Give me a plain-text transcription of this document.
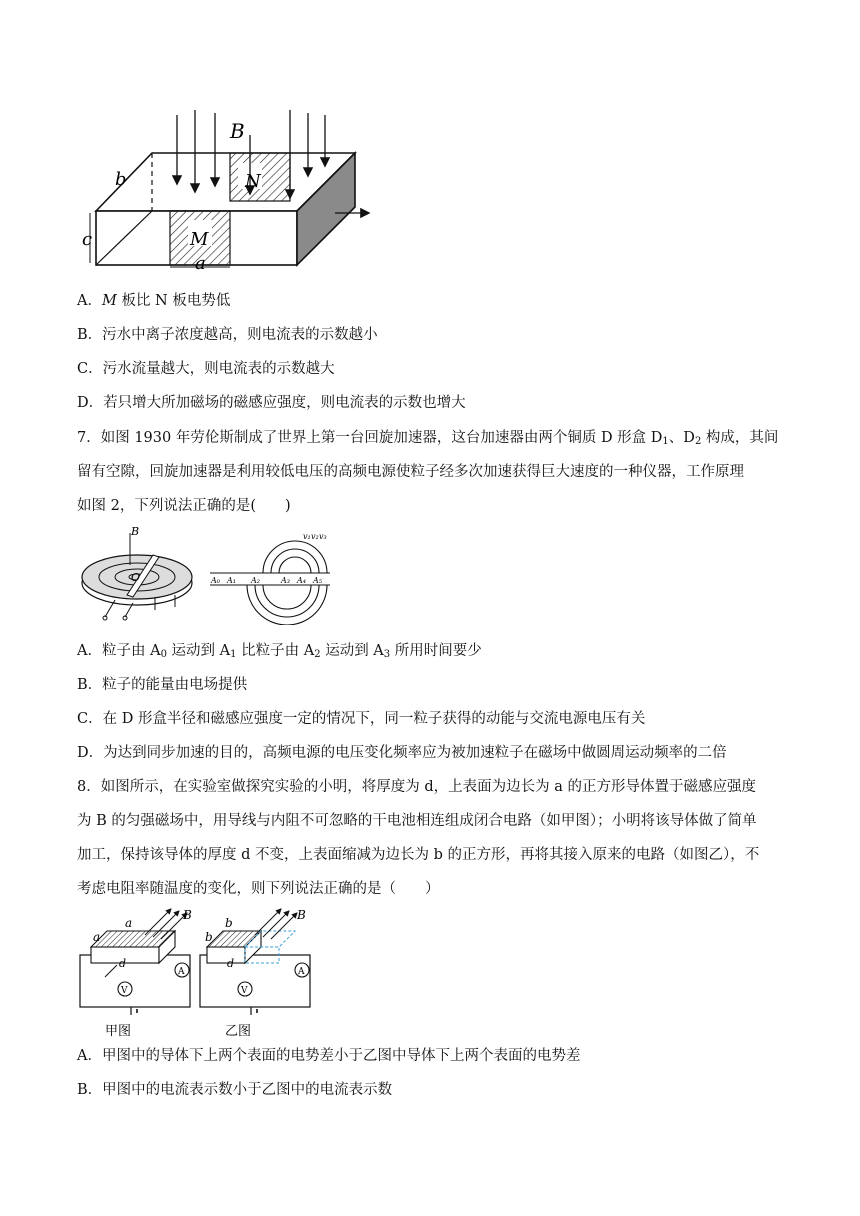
B
N
M
a
b
c
A．M 板比 N 板电势低
B．污水中离子浓度越高，则电流表的示数越小
C．污水流量越大，则电流表的示数越大
D．若只增大所加磁场的磁感应强度，则电流表的示数也增大
7．如图 1930 年劳伦斯制成了世界上第一台回旋加速器，这台加速器由两个铜质 D 形盒 $D_1$、$D_2$ 构成，其间
留有空隙，回旋加速器是利用较低电压的高频电源使粒子经多次加速获得巨大速度的一种仪器，工作原理
如图 2，下列说法正确的是(　　)
B
O
v₁ v₂ v₃
A₀ A₁ A₂	A₃ A₄ A₅
A．粒子由 $A_0$ 运动到 $A_1$ 比粒子由 $A_2$ 运动到 $A_3$ 所用时间要少
B．粒子的能量由电场提供
C．在 D 形盒半径和磁感应强度一定的情况下，同一粒子获得的动能与交流电源电压有关
D．为达到同步加速的目的，高频电源的电压变化频率应为被加速粒子在磁场中做圆周运动频率的二倍
8．如图所示，在实验室做探究实验的小明，将厚度为 d，上表面为边长为 a 的正方形导体置于磁感应强度
为 B 的匀强磁场中，用导线与内阻不可忽略的干电池相连组成闭合电路（如甲图）；小明将该导体做了简单
加工，保持该导体的厚度 d 不变，上表面缩减为边长为 b 的正方形，再将其接入原来的电路（如图乙），不
考虑电阻率随温度的变化，则下列说法正确的是（　　）
V
A
a
a
d
B
甲图
V
A
b
b
d
B
乙图
A．甲图中的导体下上两个表面的电势差小于乙图中导体下上两个表面的电势差
B．甲图中的电流表示数小于乙图中的电流表示数
